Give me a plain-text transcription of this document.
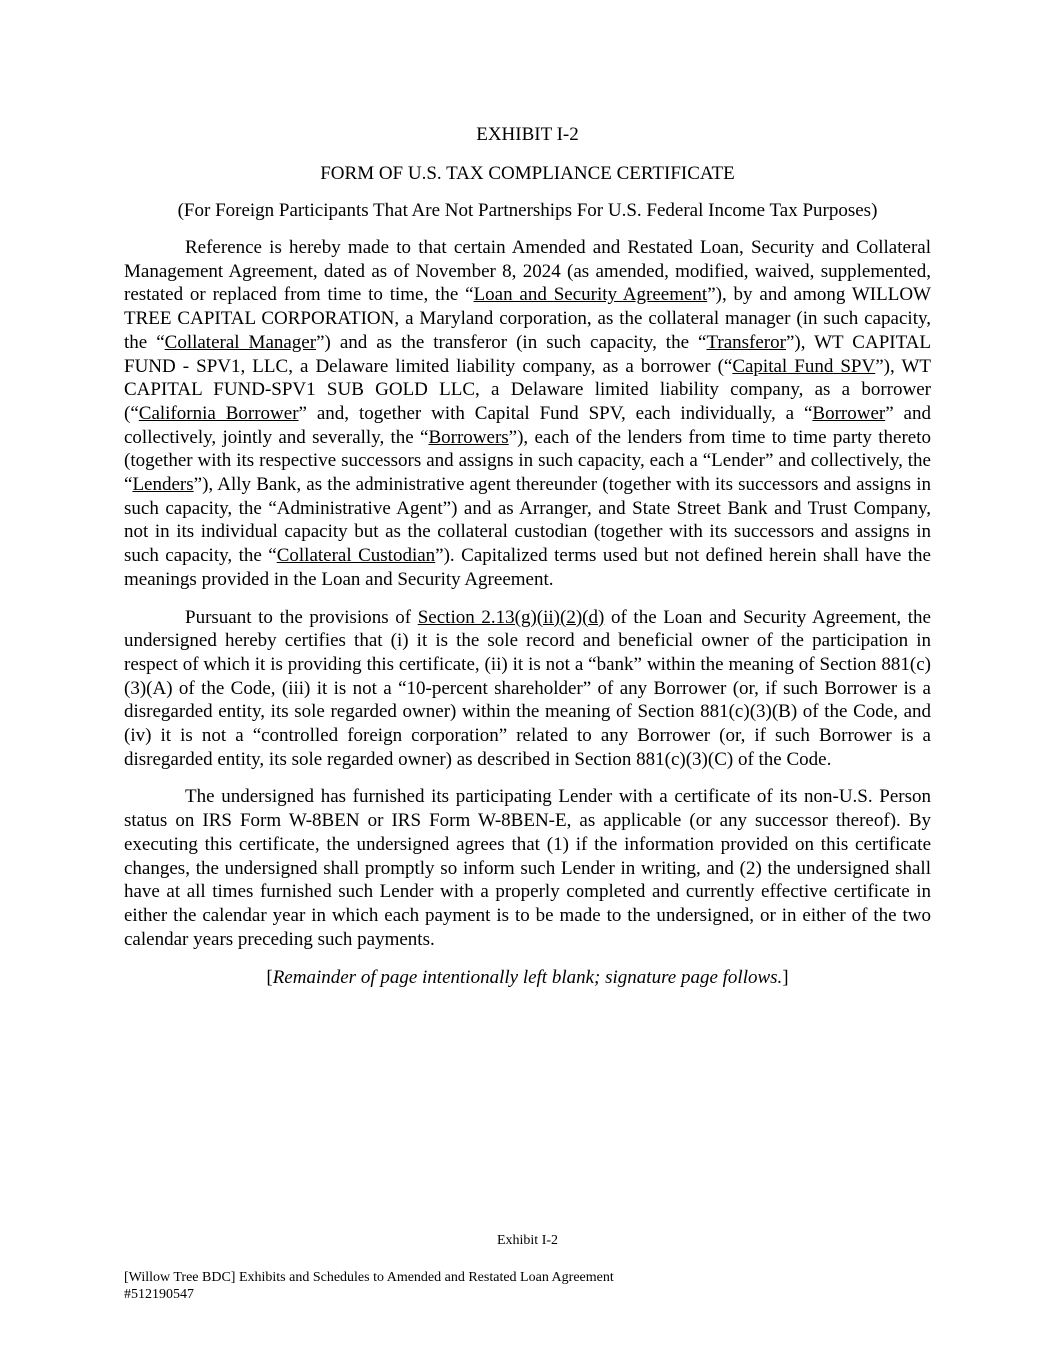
EXHIBIT I-2
FORM OF U.S. TAX COMPLIANCE CERTIFICATE
(For Foreign Participants That Are Not Partnerships For U.S. Federal Income Tax Purposes)

Reference is hereby made to that certain Amended and Restated Loan, Security and Collateral Management Agreement, dated as of November 8, 2024 (as amended, modified, waived, supplemented, restated or replaced from time to time, the “Loan and Security Agreement”), by and among WILLOW TREE CAPITAL CORPORATION, a Maryland corporation, as the collateral manager (in such capacity, the “Collateral Manager”) and as the transferor (in such capacity, the “Transferor”), WT CAPITAL FUND - SPV1, LLC, a Delaware limited liability company, as a borrower (“Capital Fund SPV”), WT CAPITAL FUND-SPV1 SUB GOLD LLC, a Delaware limited liability company, as a borrower (“California Borrower” and, together with Capital Fund SPV, each individually, a “Borrower” and collectively, jointly and severally, the “Borrowers”), each of the lenders from time to time party thereto (together with its respective successors and assigns in such capacity, each a “Lender” and collectively, the “Lenders”), Ally Bank, as the administrative agent thereunder (together with its successors and assigns in such capacity, the “Administrative Agent”) and as Arranger, and State Street Bank and Trust Company, not in its individual capacity but as the collateral custodian (together with its successors and assigns in such capacity, the “Collateral Custodian”). Capitalized terms used but not defined herein shall have the meanings provided in the Loan and Security Agreement.

Pursuant to the provisions of Section 2.13(g)(ii)(2)(d) of the Loan and Security Agreement, the undersigned hereby certifies that (i) it is the sole record and beneficial owner of the participation in respect of which it is providing this certificate, (ii) it is not a “bank” within the meaning of Section 881(c)(3)(A) of the Code, (iii) it is not a “10-percent shareholder” of any Borrower (or, if such Borrower is a disregarded entity, its sole regarded owner) within the meaning of Section 881(c)(3)(B) of the Code, and (iv) it is not a “controlled foreign corporation” related to any Borrower (or, if such Borrower is a disregarded entity, its sole regarded owner) as described in Section 881(c)(3)(C) of the Code.

The undersigned has furnished its participating Lender with a certificate of its non-U.S. Person status on IRS Form W-8BEN or IRS Form W-8BEN-E, as applicable (or any successor thereof). By executing this certificate, the undersigned agrees that (1) if the information provided on this certificate changes, the undersigned shall promptly so inform such Lender in writing, and (2) the undersigned shall have at all times furnished such Lender with a properly completed and currently effective certificate in either the calendar year in which each payment is to be made to the undersigned, or in either of the two calendar years preceding such payments.

[Remainder of page intentionally left blank; signature page follows.]
Exhibit I-2
[Willow Tree BDC] Exhibits and Schedules to Amended and Restated Loan Agreement
#512190547
